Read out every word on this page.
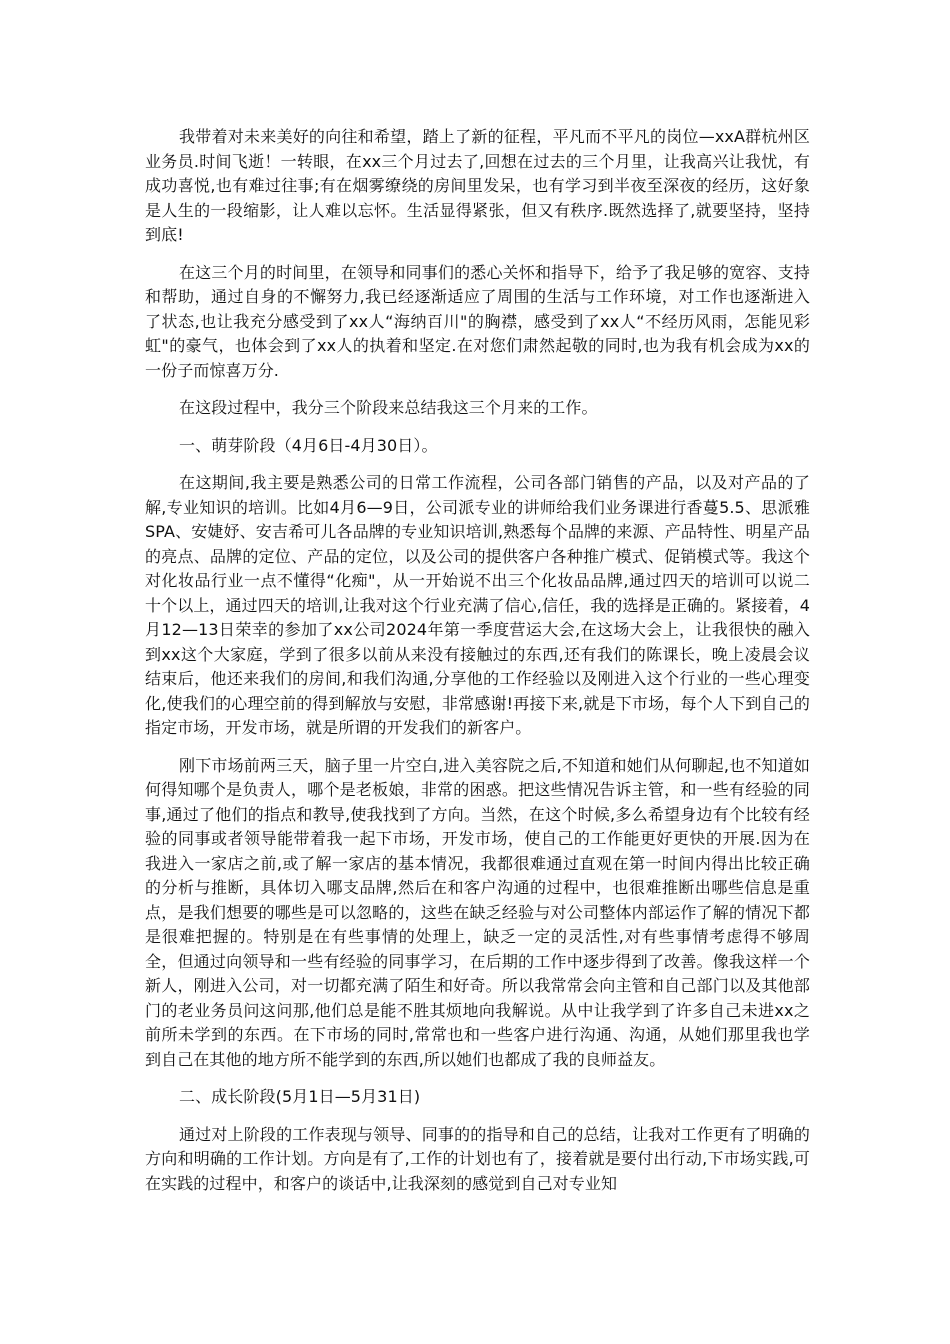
我带着对未来美好的向往和希望，踏上了新的征程，平凡而不平凡的岗位—xxA群杭州区业务员.时间飞逝！一转眼，在xx三个月过去了,回想在过去的三个月里，让我高兴让我忧，有成功喜悦,也有难过往事;有在烟雾缭绕的房间里发呆，也有学习到半夜至深夜的经历，这好象是人生的一段缩影，让人难以忘怀。生活显得紧张，但又有秩序.既然选择了,就要坚持，坚持到底!

在这三个月的时间里，在领导和同事们的悉心关怀和指导下，给予了我足够的宽容、支持和帮助，通过自身的不懈努力,我已经逐渐适应了周围的生活与工作环境，对工作也逐渐进入了状态,也让我充分感受到了xx人“海纳百川"的胸襟，感受到了xx人“不经历风雨，怎能见彩虹"的豪气，也体会到了xx人的执着和坚定.在对您们肃然起敬的同时,也为我有机会成为xx的一份子而惊喜万分.

在这段过程中，我分三个阶段来总结我这三个月来的工作。

一、萌芽阶段（4月6日-4月30日）。

在这期间,我主要是熟悉公司的日常工作流程，公司各部门销售的产品，以及对产品的了解,专业知识的培训。比如4月6—9日，公司派专业的讲师给我们业务课进行香蔓5.5、思派雅SPA、安婕妤、安吉希可儿各品牌的专业知识培训,熟悉每个品牌的来源、产品特性、明星产品的亮点、品牌的定位、产品的定位，以及公司的提供客户各种推广模式、促销模式等。我这个对化妆品行业一点不懂得“化痴"，从一开始说不出三个化妆品品牌,通过四天的培训可以说二十个以上，通过四天的培训,让我对这个行业充满了信心,信任，我的选择是正确的。紧接着，4月12—13日荣幸的参加了xx公司2024年第一季度营运大会,在这场大会上，让我很快的融入到xx这个大家庭，学到了很多以前从来没有接触过的东西,还有我们的陈课长，晚上凌晨会议结束后，他还来我们的房间,和我们沟通,分享他的工作经验以及刚进入这个行业的一些心理变化,使我们的心理空前的得到解放与安慰，非常感谢!再接下来,就是下市场，每个人下到自己的指定市场，开发市场，就是所谓的开发我们的新客户。

刚下市场前两三天，脑子里一片空白,进入美容院之后,不知道和她们从何聊起,也不知道如何得知哪个是负责人，哪个是老板娘，非常的困惑。把这些情况告诉主管，和一些有经验的同事,通过了他们的指点和教导,使我找到了方向。当然，在这个时候,多么希望身边有个比较有经验的同事或者领导能带着我一起下市场，开发市场，使自己的工作能更好更快的开展.因为在我进入一家店之前,或了解一家店的基本情况，我都很难通过直观在第一时间内得出比较正确的分析与推断，具体切入哪支品牌,然后在和客户沟通的过程中，也很难推断出哪些信息是重点，是我们想要的哪些是可以忽略的，这些在缺乏经验与对公司整体内部运作了解的情况下都是很难把握的。特别是在有些事情的处理上，缺乏一定的灵活性,对有些事情考虑得不够周全，但通过向领导和一些有经验的同事学习，在后期的工作中逐步得到了改善。像我这样一个新人，刚进入公司，对一切都充满了陌生和好奇。所以我常常会向主管和自己部门以及其他部门的老业务员问这问那,他们总是能不胜其烦地向我解说。从中让我学到了许多自己未进xx之前所未学到的东西。在下市场的同时,常常也和一些客户进行沟通、沟通，从她们那里我也学到自己在其他的地方所不能学到的东西,所以她们也都成了我的良师益友。

二、成长阶段(5月1日—5月31日)

通过对上阶段的工作表现与领导、同事的的指导和自己的总结，让我对工作更有了明确的方向和明确的工作计划。方向是有了,工作的计划也有了，接着就是要付出行动,下市场实践,可在实践的过程中，和客户的谈话中,让我深刻的感觉到自己对专业知
